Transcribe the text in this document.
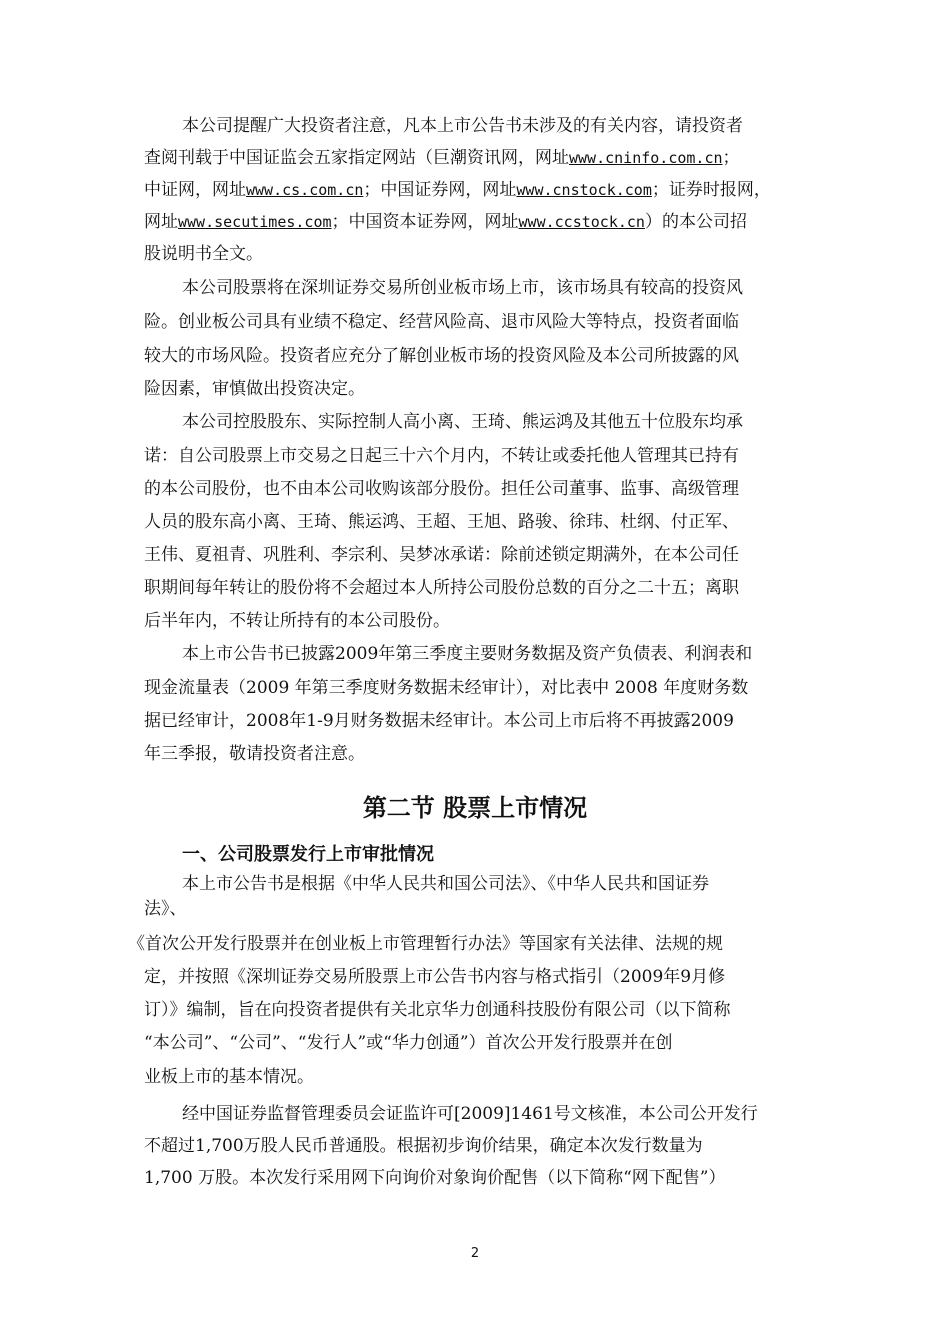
本公司提醒广大投资者注意，凡本上市公告书未涉及的有关内容，请投资者
查阅刊载于中国证监会五家指定网站（巨潮资讯网，网址www.cninfo.com.cn；
中证网，网址www.cs.com.cn；中国证券网，网址www.cnstock.com；证券时报网，
网址www.secutimes.com；中国资本证券网，网址www.ccstock.cn）的本公司招
股说明书全文。
本公司股票将在深圳证券交易所创业板市场上市，该市场具有较高的投资风
险。创业板公司具有业绩不稳定、经营风险高、退市风险大等特点，投资者面临
较大的市场风险。投资者应充分了解创业板市场的投资风险及本公司所披露的风
险因素，审慎做出投资决定。
本公司控股股东、实际控制人高小离、王琦、熊运鸿及其他五十位股东均承
诺：自公司股票上市交易之日起三十六个月内，不转让或委托他人管理其已持有
的本公司股份，也不由本公司收购该部分股份。担任公司董事、监事、高级管理
人员的股东高小离、王琦、熊运鸿、王超、王旭、路骏、徐玮、杜纲、付正军、
王伟、夏祖青、巩胜利、李宗利、吴梦冰承诺：除前述锁定期满外，在本公司任
职期间每年转让的股份将不会超过本人所持公司股份总数的百分之二十五；离职
后半年内，不转让所持有的本公司股份。
本上市公告书已披露2009年第三季度主要财务数据及资产负债表、利润表和
现金流量表（2009 年第三季度财务数据未经审计），对比表中 2008 年度财务数
据已经审计，2008年1-9月财务数据未经审计。本公司上市后将不再披露2009
年三季报，敬请投资者注意。
第二节 股票上市情况
一、公司股票发行上市审批情况
本上市公告书是根据《中华人民共和国公司法》、《中华人民共和国证券
法》、
《首次公开发行股票并在创业板上市管理暂行办法》等国家有关法律、法规的规
定，并按照《深圳证券交易所股票上市公告书内容与格式指引（2009年9月修
订）》编制，旨在向投资者提供有关北京华力创通科技股份有限公司（以下简称
“本公司”、“公司”、“发行人”或“华力创通”）首次公开发行股票并在创
业板上市的基本情况。
经中国证券监督管理委员会证监许可[2009]1461号文核准，本公司公开发行
不超过1,700万股人民币普通股。根据初步询价结果，确定本次发行数量为
1,700 万股。本次发行采用网下向询价对象询价配售（以下简称“网下配售”）
2
